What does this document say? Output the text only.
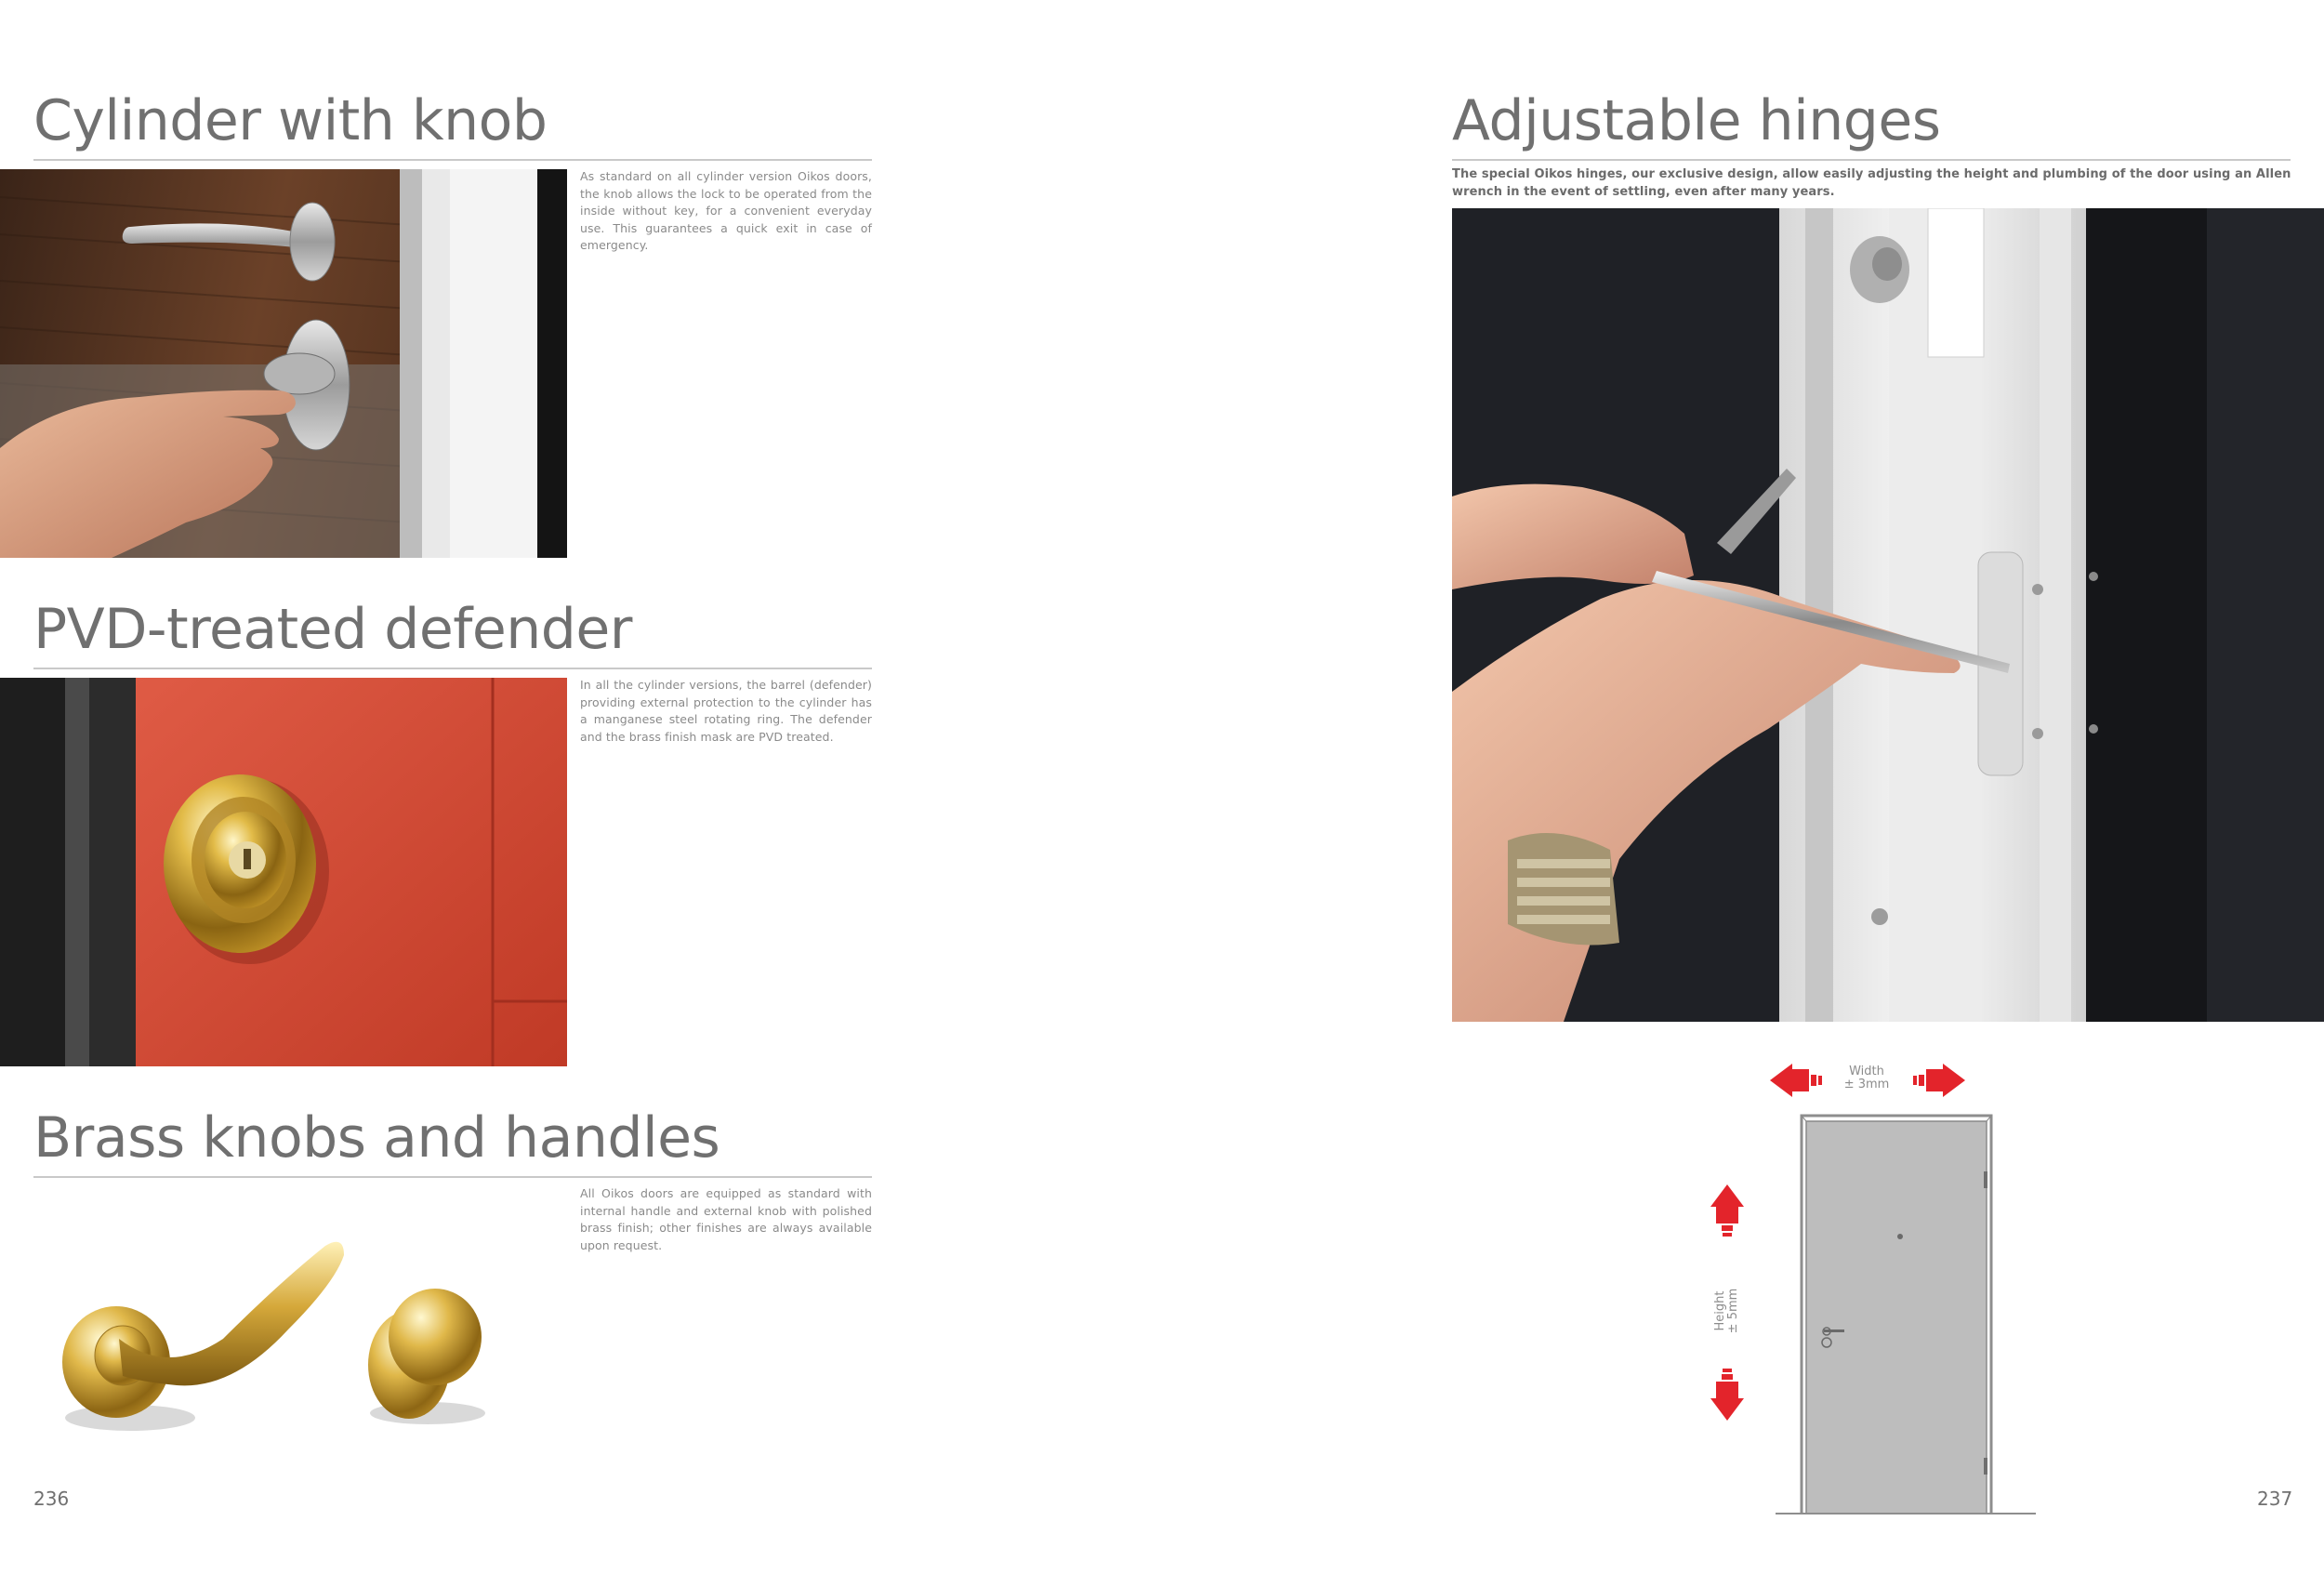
Cylinder with knob

As standard on all cylinder version Oikos doors, the knob allows the lock to be operated from the inside without key, for a convenient everyday use. This guarantees a quick exit in case of emergency.

PVD-treated defender

In all the cylinder versions, the barrel (defender) providing external protection to the cylinder has a manganese steel rotating ring. The defender and the brass finish mask are PVD treated.

Brass knobs and handles

All Oikos doors are equipped as standard with internal handle and external knob with polished brass finish; other finishes are always available upon request.

236
Adjustable hinges

The special Oikos hinges, our exclusive design, allow easily adjusting the height and plumbing of the door using an Allen wrench in the event of settling, even after many years.

Width
± 3mm
Height ± 5mm
237
